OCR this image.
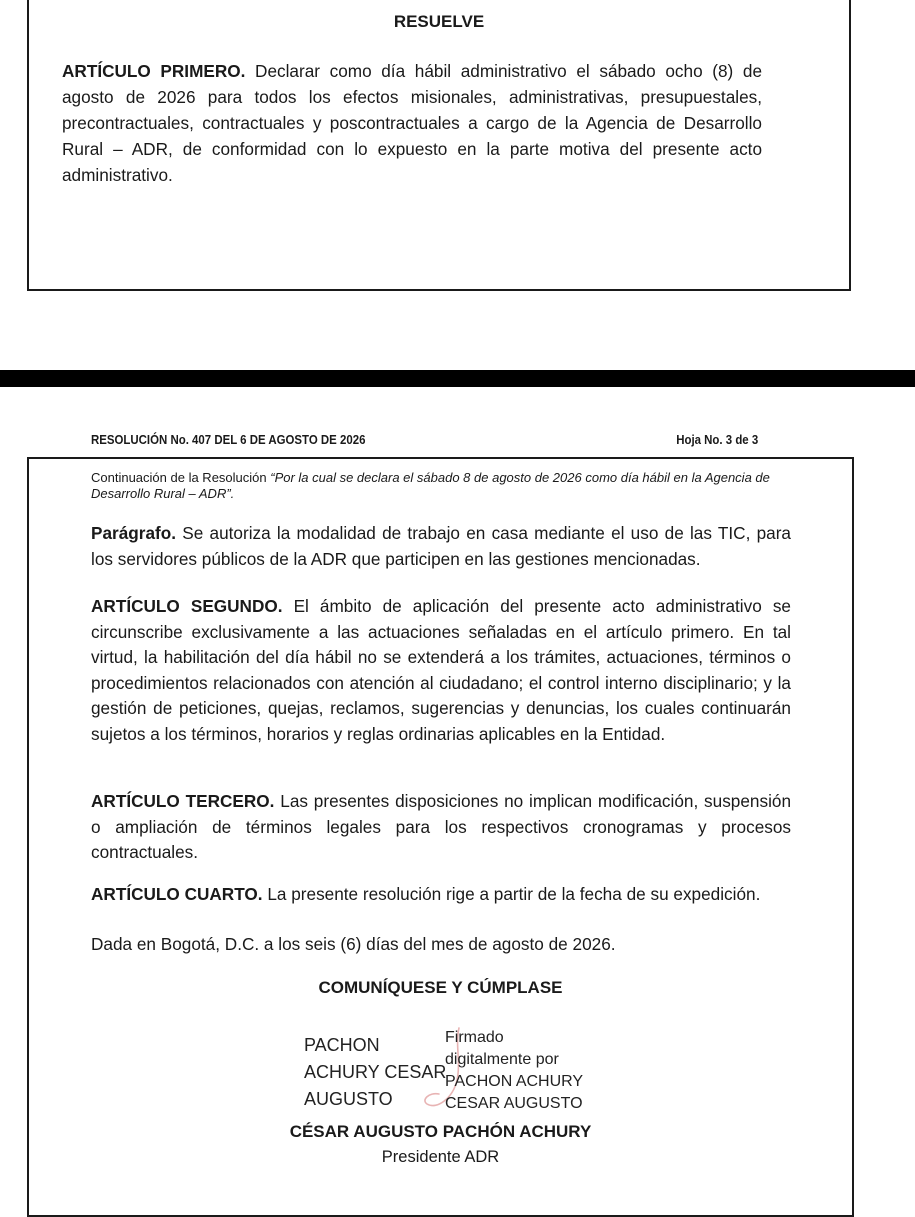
RESUELVE

ARTÍCULO PRIMERO. Declarar como día hábil administrativo el sábado ocho (8) de agosto de 2026 para todos los efectos misionales, administrativas, presupuestales, precontractuales, contractuales y poscontractuales a cargo de la Agencia de Desarrollo Rural – ADR, de conformidad con lo expuesto en la parte motiva del presente acto administrativo.

RESOLUCIÓN No. 407 DEL 6 DE AGOSTO DE 2026	Hoja No. 3 de 3

Continuación de la Resolución “Por la cual se declara el sábado 8 de agosto de 2026 como día hábil en la Agencia de Desarrollo Rural – ADR”.

Parágrafo. Se autoriza la modalidad de trabajo en casa mediante el uso de las TIC, para los servidores públicos de la ADR que participen en las gestiones mencionadas.

ARTÍCULO SEGUNDO. El ámbito de aplicación del presente acto administrativo se circunscribe exclusivamente a las actuaciones señaladas en el artículo primero. En tal virtud, la habilitación del día hábil no se extenderá a los trámites, actuaciones, términos o procedimientos relacionados con atención al ciudadano; el control interno disciplinario; y la gestión de peticiones, quejas, reclamos, sugerencias y denuncias, los cuales continuarán sujetos a los términos, horarios y reglas ordinarias aplicables en la Entidad.

ARTÍCULO TERCERO. Las presentes disposiciones no implican modificación, suspensión o ampliación de términos legales para los respectivos cronogramas y procesos contractuales.

ARTÍCULO CUARTO. La presente resolución rige a partir de la fecha de su expedición.

Dada en Bogotá, D.C. a los seis (6) días del mes de agosto de 2026.

COMUNÍQUESE Y CÚMPLASE
PACHON
ACHURY CESAR
AUGUSTO
Firmado
digitalmente por
PACHON ACHURY
CESAR AUGUSTO
CÉSAR AUGUSTO PACHÓN ACHURY
Presidente ADR
